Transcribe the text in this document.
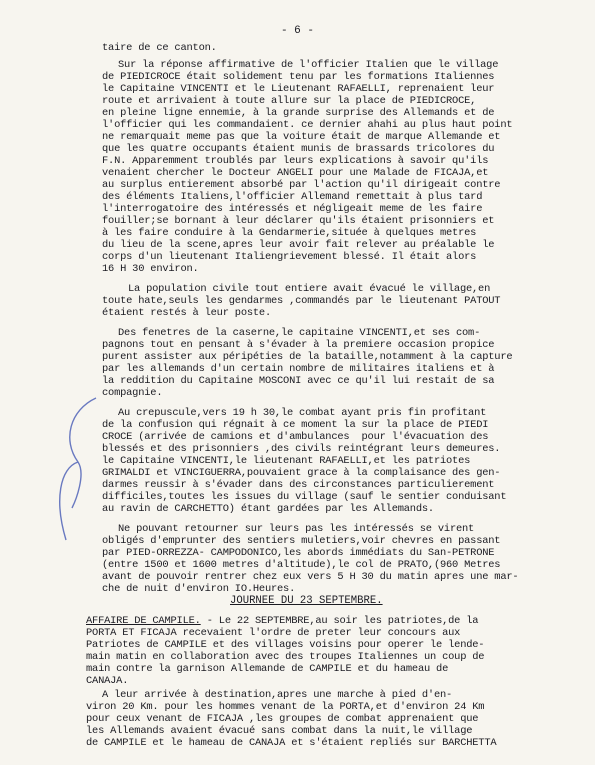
- 6 -
taire de ce canton.
Sur la réponse affirmative de l'officier Italien que le village
de PIEDICROCE était solidement tenu par les formations Italiennes
le Capitaine VINCENTI et le Lieutenant RAFAELLI, reprenaient leur
route et arrivaient à toute allure sur la place de PIEDICROCE,
en pleine ligne ennemie, à la grande surprise des Allemands et de
l'officier qui les commandaient. ce dernier ahahi au plus haut point
ne remarquait meme pas que la voiture était de marque Allemande et
que les quatre occupants étaient munis de brassards tricolores du
F.N. Apparemment troublés par leurs explications à savoir qu'ils
venaient chercher le Docteur ANGELI pour une Malade de FICAJA,et
au surplus entierement absorbé par l'action qu'il dirigeait contre
des éléments Italiens,l'officier Allemand remettait à plus tard
l'interrogatoire des intéressés et négligeait meme de les faire
fouiller;se bornant à leur déclarer qu'ils étaient prisonniers et
à les faire conduire à la Gendarmerie,située à quelques metres
du lieu de la scene,apres leur avoir fait relever au préalable le
corps d'un lieutenant Italiengrievement blessé. Il était alors
16 H 30 environ.
La population civile tout entiere avait évacué le village,en
toute hate,seuls les gendarmes ,commandés par le lieutenant PATOUT
étaient restés à leur poste.
Des fenetres de la caserne,le capitaine VINCENTI,et ses com-
pagnons tout en pensant à s'évader à la premiere occasion propice
purent assister aux péripéties de la bataille,notamment à la capture
par les allemands d'un certain nombre de militaires italiens et à
la reddition du Capitaine MOSCONI avec ce qu'il lui restait de sa
compagnie.
Au crepuscule,vers 19 h 30,le combat ayant pris fin profitant
de la confusion qui régnait à ce moment la sur la place de PIEDI
CROCE (arrivée de camions et d'ambulances  pour l'évacuation des
blessés et des prisonniers ,des civils reintégrant leurs demeures.
le Capitaine VINCENTI,le lieutenant RAFAELLI,et les patriotes
GRIMALDI et VINCIGUERRA,pouvaient grace à la complaisance des gen-
darmes reussir à s'évader dans des circonstances particulierement
difficiles,toutes les issues du village (sauf le sentier conduisant
au ravin de CARCHETTO) étant gardées par les Allemands.
Ne pouvant retourner sur leurs pas les intéressés se virent
obligés d'emprunter des sentiers muletiers,voir chevres en passant
par PIED-ORREZZA- CAMPODONICO,les abords immédiats du San-PETRONE
(entre 1500 et 1600 metres d'altitude),le col de PRATO,(960 Metres
avant de pouvoir rentrer chez eux vers 5 H 30 du matin apres une mar-
che de nuit d'environ IO.Heures.
JOURNEE DU 23 SEPTEMBRE.
AFFAIRE DE CAMPILE. - Le 22 SEPTEMBRE,au soir les patriotes,de la
PORTA ET FICAJA recevaient l'ordre de preter leur concours aux
Patriotes de CAMPILE et des villages voisins pour operer le lende-
main matin en collaboration avec des troupes Italiennes un coup de
main contre la garnison Allemande de CAMPILE et du hameau de
CANAJA.
A leur arrivée à destination,apres une marche à pied d'en-
viron 20 Km. pour les hommes venant de la PORTA,et d'environ 24 Km
pour ceux venant de FICAJA ,les groupes de combat apprenaient que
les Allemands avaient évacué sans combat dans la nuit,le village
de CAMPILE et le hameau de CANAJA et s'étaient repliés sur BARCHETTA
